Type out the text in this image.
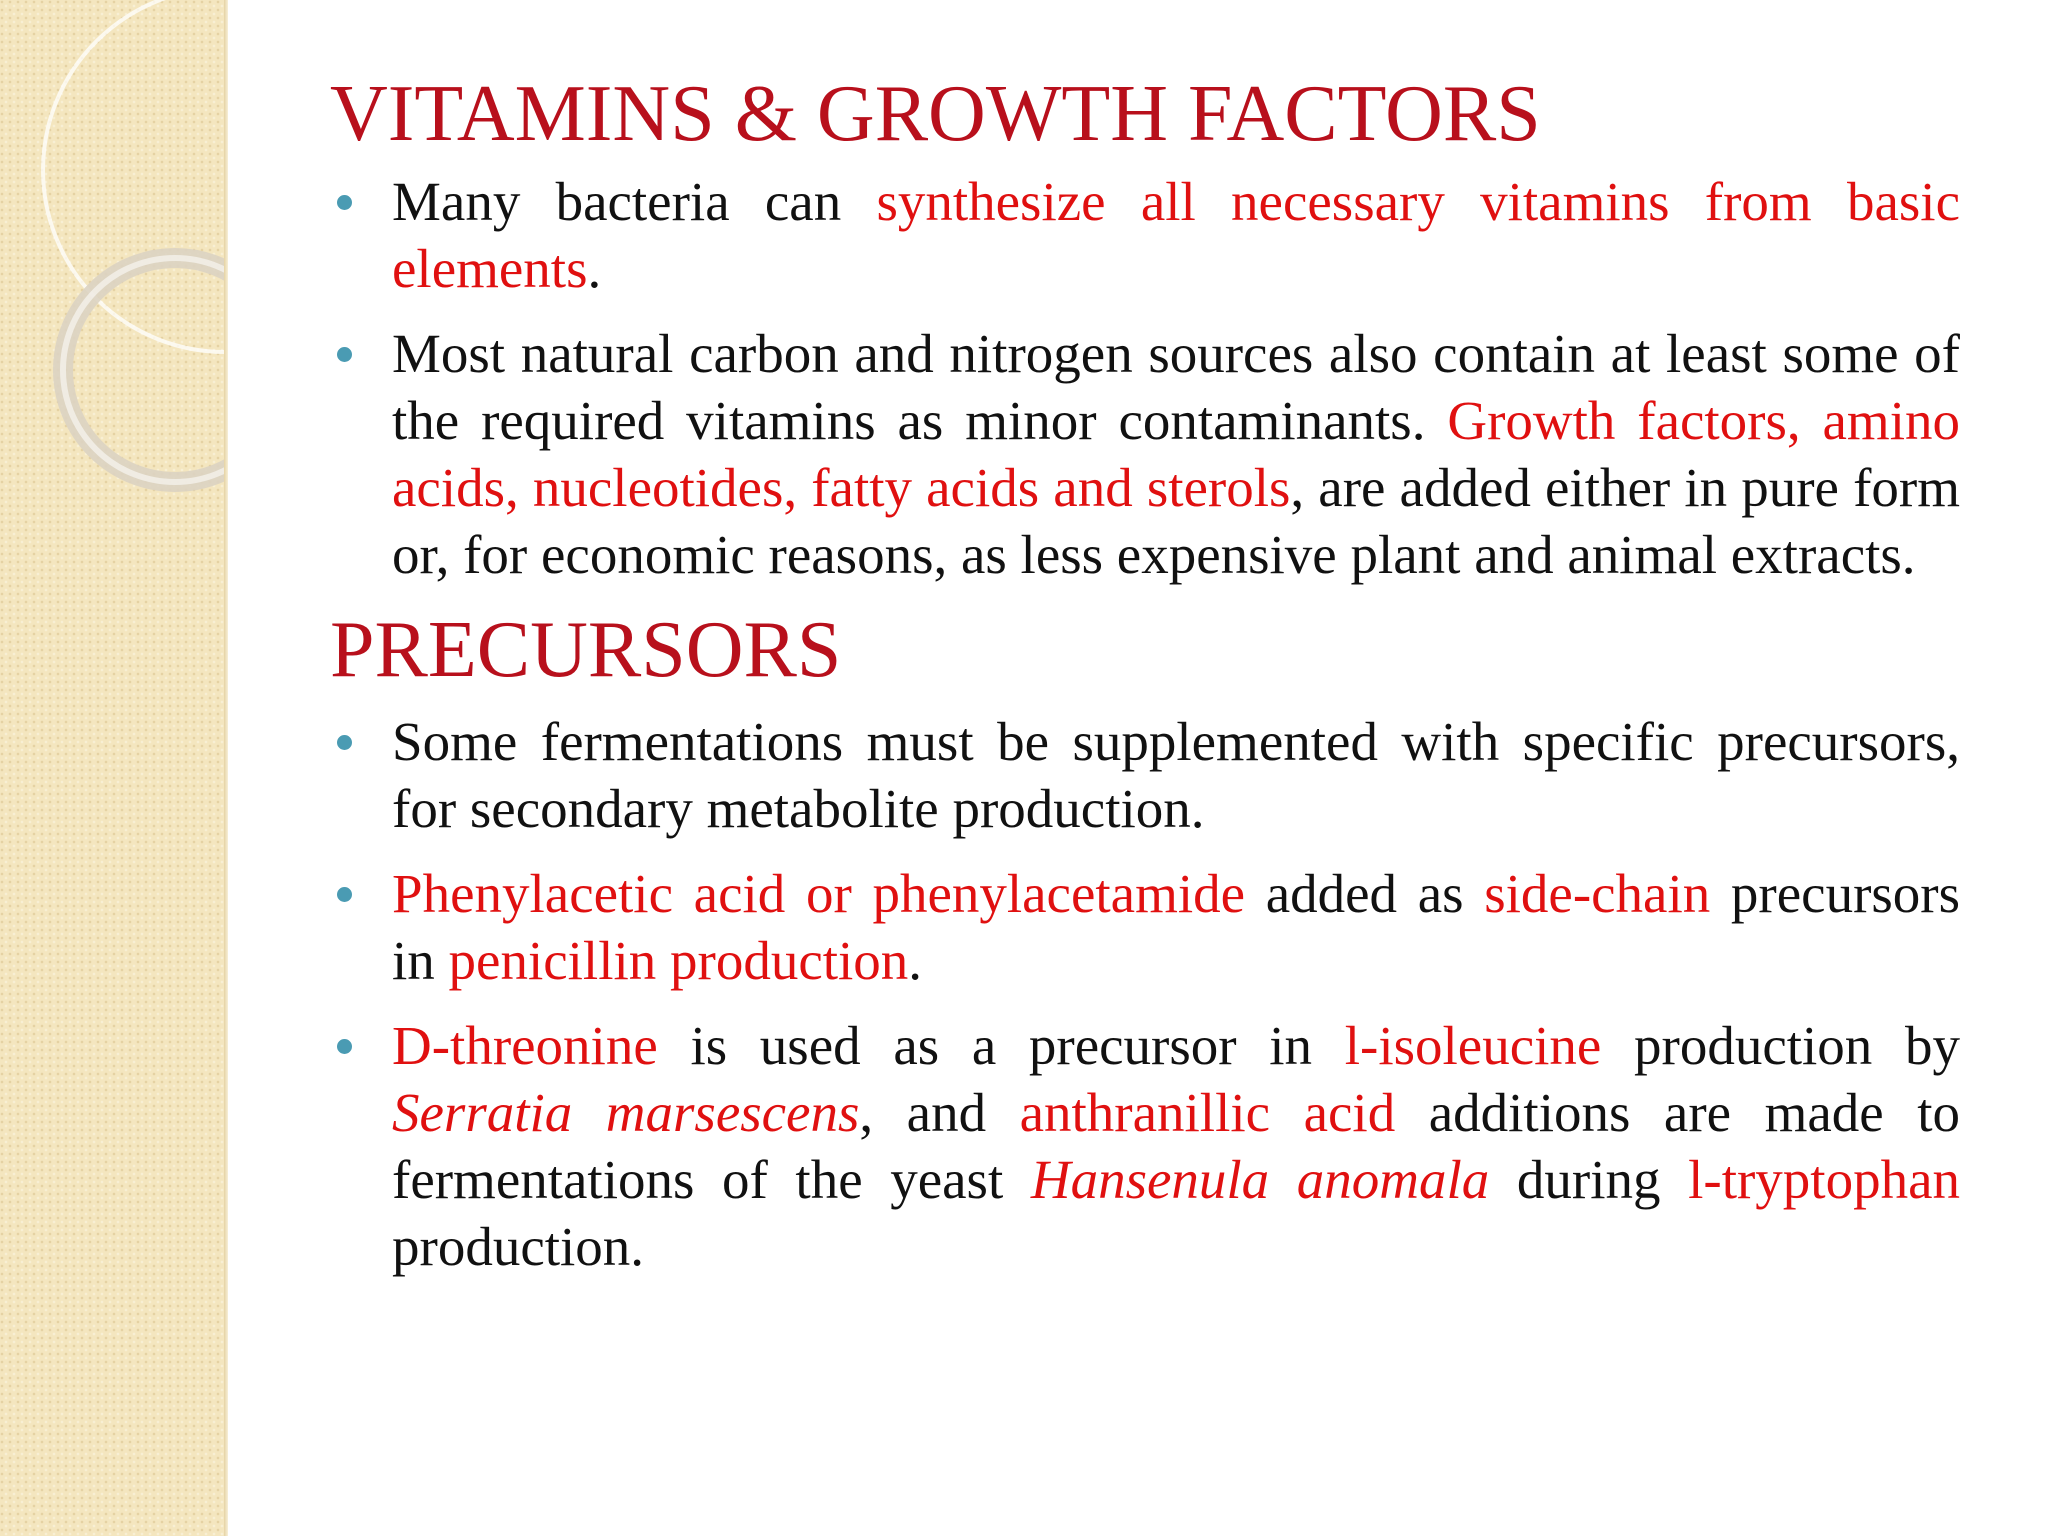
VITAMINS & GROWTH FACTORS
Many bacteria can synthesize all necessary vitamins from basic elements.
Most natural carbon and nitrogen sources also contain at least some of the required vitamins as minor contaminants. Growth factors, amino acids, nucleotides, fatty acids and sterols, are added either in pure form or, for economic reasons, as less expensive plant and animal extracts.
PRECURSORS
Some fermentations must be supplemented with specific precursors, for secondary metabolite production.
Phenylacetic acid or phenylacetamide added as side-chain precursors in penicillin production.
D-threonine is used as a precursor in l-isoleucine production by Serratia marsescens, and anthranillic acid additions are made to fermentations of the yeast Hansenula anomala during l-tryptophan production.
